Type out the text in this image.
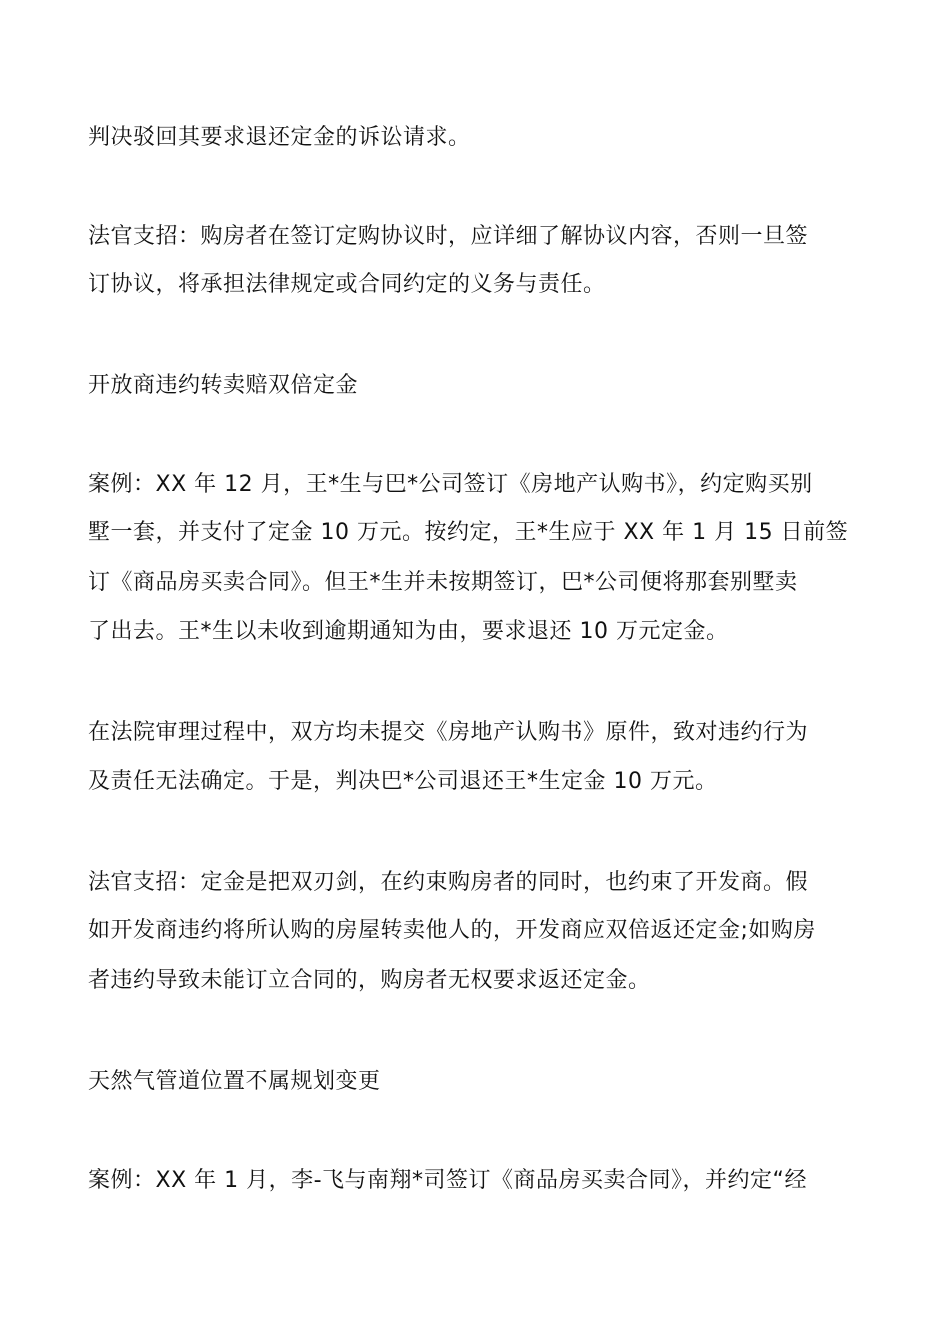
判决驳回其要求退还定金的诉讼请求。
法官支招：购房者在签订定购协议时，应详细了解协议内容，否则一旦签
订协议，将承担法律规定或合同约定的义务与责任。
开放商违约转卖赔双倍定金
案例：XX 年 12 月，王*生与巴*公司签订《房地产认购书》，约定购买别
墅一套，并支付了定金 10 万元。按约定，王*生应于 XX 年 1 月 15 日前签
订《商品房买卖合同》。但王*生并未按期签订，巴*公司便将那套别墅卖
了出去。王*生以未收到逾期通知为由，要求退还 10 万元定金。
在法院审理过程中，双方均未提交《房地产认购书》原件，致对违约行为
及责任无法确定。于是，判决巴*公司退还王*生定金 10 万元。
法官支招：定金是把双刃剑，在约束购房者的同时，也约束了开发商。假
如开发商违约将所认购的房屋转卖他人的，开发商应双倍返还定金;如购房
者违约导致未能订立合同的，购房者无权要求返还定金。
天然气管道位置不属规划变更
案例：XX 年 1 月，李-飞与南翔*司签订《商品房买卖合同》，并约定“经
